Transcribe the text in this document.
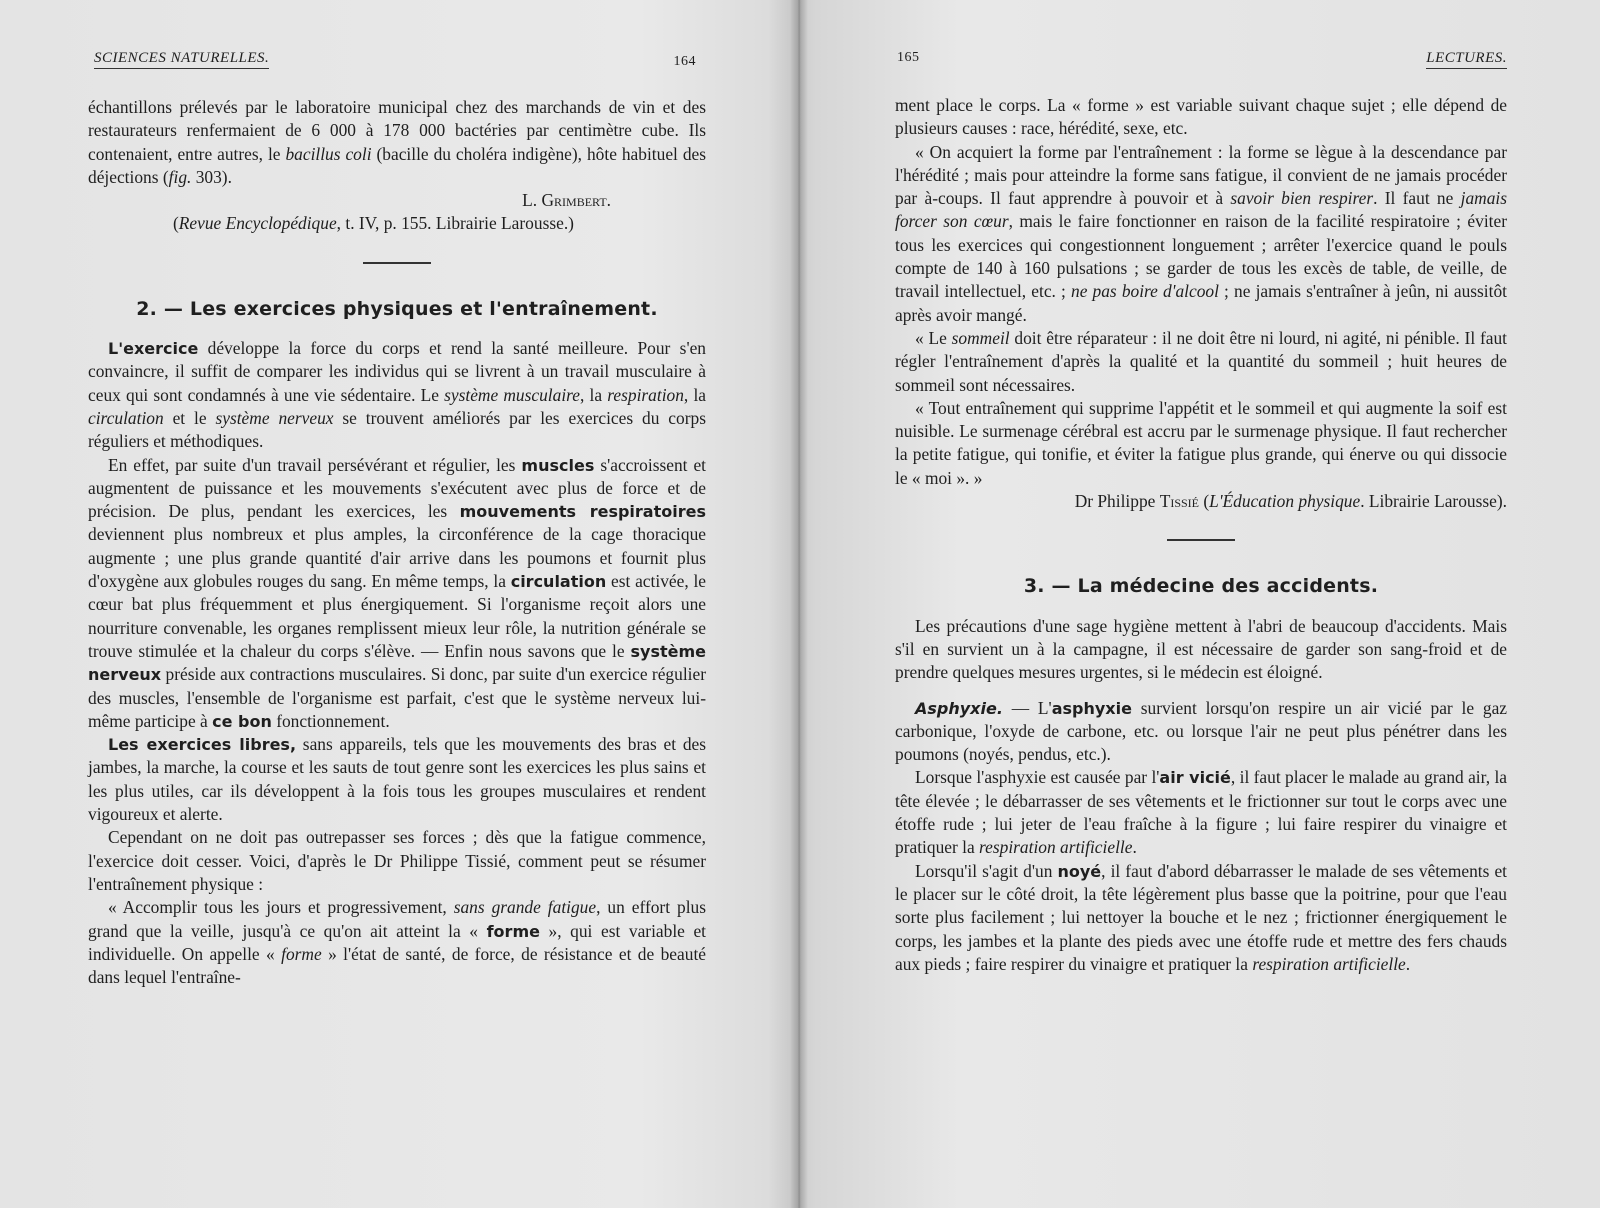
SCIENCES NATURELLES.	164

échantillons prélevés par le laboratoire municipal chez des marchands de vin et des restaurateurs renfermaient de 6 000 à 178 000 bactéries par centimètre cube. Ils contenaient, entre autres, le bacillus coli (bacille du choléra indigène), hôte habituel des déjections (fig. 303).

L. Grimbert.

(Revue Encyclopédique, t. IV, p. 155. Librairie Larousse.)

2. — Les exercices physiques et l'entraînement.

L'exercice développe la force du corps et rend la santé meilleure. Pour s'en convaincre, il suffit de comparer les individus qui se livrent à un travail musculaire à ceux qui sont condamnés à une vie sédentaire. Le système musculaire, la respiration, la circulation et le système nerveux se trouvent améliorés par les exercices du corps réguliers et méthodiques.

En effet, par suite d'un travail persévérant et régulier, les muscles s'accroissent et augmentent de puissance et les mouvements s'exécutent avec plus de force et de précision. De plus, pendant les exercices, les mouvements respiratoires deviennent plus nombreux et plus amples, la circonférence de la cage thoracique augmente ; une plus grande quantité d'air arrive dans les poumons et fournit plus d'oxygène aux globules rouges du sang. En même temps, la circulation est activée, le cœur bat plus fréquemment et plus énergiquement. Si l'organisme reçoit alors une nourriture convenable, les organes remplissent mieux leur rôle, la nutrition générale se trouve stimulée et la chaleur du corps s'élève. — Enfin nous savons que le système nerveux préside aux contractions musculaires. Si donc, par suite d'un exercice régulier des muscles, l'ensemble de l'organisme est parfait, c'est que le système nerveux lui-même participe à ce bon fonctionnement.

Les exercices libres, sans appareils, tels que les mouvements des bras et des jambes, la marche, la course et les sauts de tout genre sont les exercices les plus sains et les plus utiles, car ils développent à la fois tous les groupes musculaires et rendent vigoureux et alerte.

Cependant on ne doit pas outrepasser ses forces ; dès que la fatigue commence, l'exercice doit cesser. Voici, d'après le Dr Philippe Tissié, comment peut se résumer l'entraînement physique :

« Accomplir tous les jours et progressivement, sans grande fatigue, un effort plus grand que la veille, jusqu'à ce qu'on ait atteint la « forme », qui est variable et individuelle. On appelle « forme » l'état de santé, de force, de résistance et de beauté dans lequel l'entraîne-

165	LECTURES.

ment place le corps. La « forme » est variable suivant chaque sujet ; elle dépend de plusieurs causes : race, hérédité, sexe, etc.

« On acquiert la forme par l'entraînement : la forme se lègue à la descendance par l'hérédité ; mais pour atteindre la forme sans fatigue, il convient de ne jamais procéder par à-coups. Il faut apprendre à pouvoir et à savoir bien respirer. Il faut ne jamais forcer son cœur, mais le faire fonctionner en raison de la facilité respiratoire ; éviter tous les exercices qui congestionnent longuement ; arrêter l'exercice quand le pouls compte de 140 à 160 pulsations ; se garder de tous les excès de table, de veille, de travail intellectuel, etc. ; ne pas boire d'alcool ; ne jamais s'entraîner à jeûn, ni aussitôt après avoir mangé.

« Le sommeil doit être réparateur : il ne doit être ni lourd, ni agité, ni pénible. Il faut régler l'entraînement d'après la qualité et la quantité du sommeil ; huit heures de sommeil sont nécessaires.

« Tout entraînement qui supprime l'appétit et le sommeil et qui augmente la soif est nuisible. Le surmenage cérébral est accru par le surmenage physique. Il faut rechercher la petite fatigue, qui tonifie, et éviter la fatigue plus grande, qui énerve ou qui dissocie le « moi ». »

Dr Philippe Tissié (L'Éducation physique. Librairie Larousse).

3. — La médecine des accidents.

Les précautions d'une sage hygiène mettent à l'abri de beaucoup d'accidents. Mais s'il en survient un à la campagne, il est nécessaire de garder son sang-froid et de prendre quelques mesures urgentes, si le médecin est éloigné.

Asphyxie. — L'asphyxie survient lorsqu'on respire un air vicié par le gaz carbonique, l'oxyde de carbone, etc. ou lorsque l'air ne peut plus pénétrer dans les poumons (noyés, pendus, etc.).

Lorsque l'asphyxie est causée par l'air vicié, il faut placer le malade au grand air, la tête élevée ; le débarrasser de ses vêtements et le frictionner sur tout le corps avec une étoffe rude ; lui jeter de l'eau fraîche à la figure ; lui faire respirer du vinaigre et pratiquer la respiration artificielle.

Lorsqu'il s'agit d'un noyé, il faut d'abord débarrasser le malade de ses vêtements et le placer sur le côté droit, la tête légèrement plus basse que la poitrine, pour que l'eau sorte plus facilement ; lui nettoyer la bouche et le nez ; frictionner énergiquement le corps, les jambes et la plante des pieds avec une étoffe rude et mettre des fers chauds aux pieds ; faire respirer du vinaigre et pratiquer la respiration artificielle.
